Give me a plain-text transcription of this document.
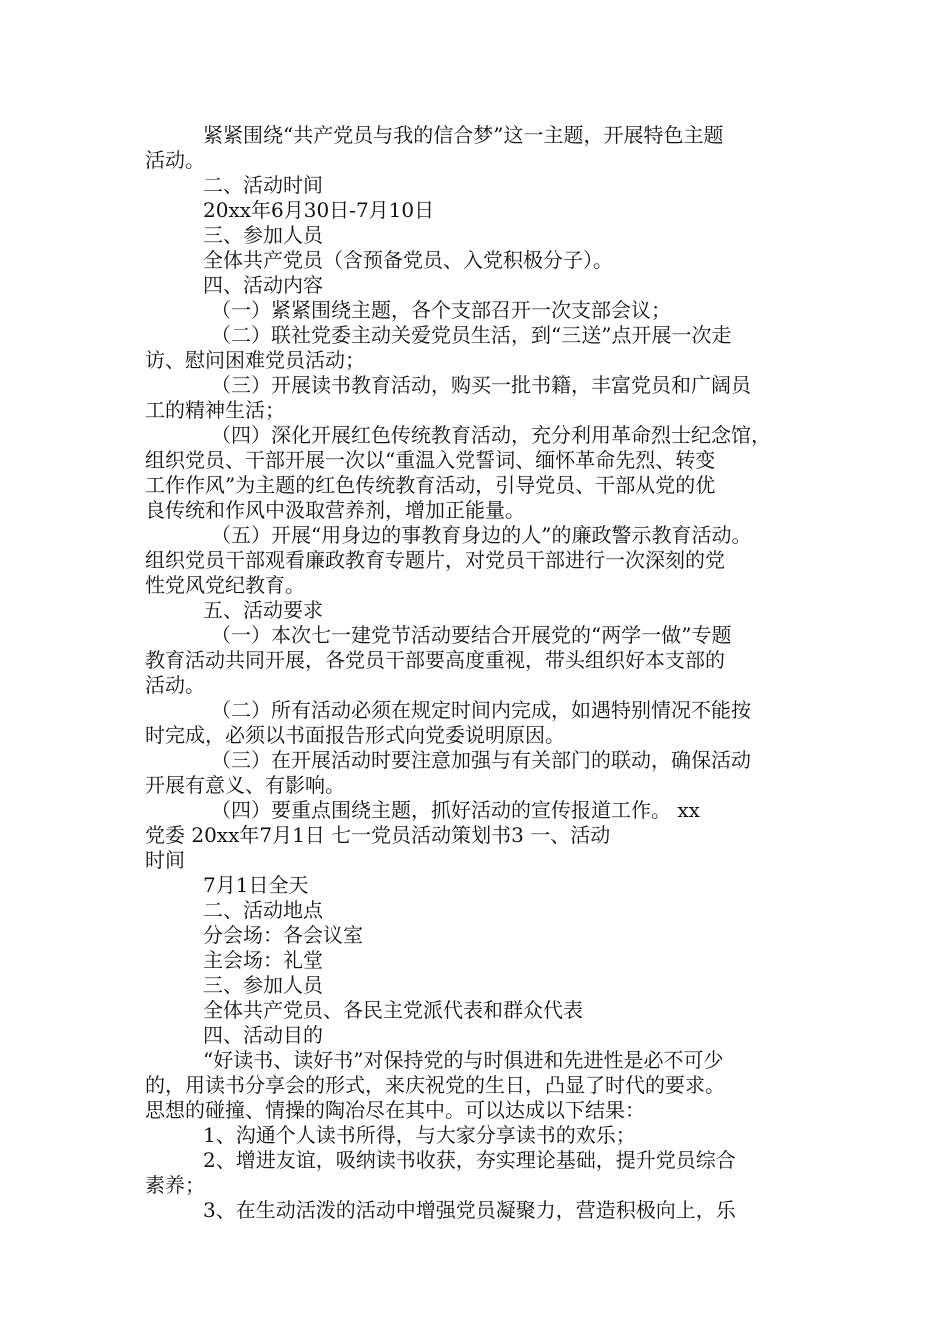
紧紧围绕“共产党员与我的信合梦”这一主题，开展特色主题

活动。

二、活动时间

20xx年6月30日-7月10日

三、参加人员

全体共产党员（含预备党员、入党积极分子）。

四、活动内容

（一）紧紧围绕主题，各个支部召开一次支部会议；

（二）联社党委主动关爱党员生活，到“三送”点开展一次走

访、慰问困难党员活动；

（三）开展读书教育活动，购买一批书籍，丰富党员和广阔员

工的精神生活；

（四）深化开展红色传统教育活动，充分利用革命烈士纪念馆，

组织党员、干部开展一次以“重温入党誓词、缅怀革命先烈、转变

工作作风”为主题的红色传统教育活动，引导党员、干部从党的优

良传统和作风中汲取营养剂，增加正能量。

（五）开展“用身边的事教育身边的人”的廉政警示教育活动。

组织党员干部观看廉政教育专题片，对党员干部进行一次深刻的党

性党风党纪教育。

五、活动要求

（一）本次七一建党节活动要结合开展党的“两学一做”专题

教育活动共同开展，各党员干部要高度重视，带头组织好本支部的

活动。

（二）所有活动必须在规定时间内完成，如遇特别情况不能按

时完成，必须以书面报告形式向党委说明原因。

（三）在开展活动时要注意加强与有关部门的联动，确保活动

开展有意义、有影响。

（四）要重点围绕主题，抓好活动的宣传报道工作。 xx

党委 20xx年7月1日 七一党员活动策划书3 一、活动

时间

7月1日全天

二、活动地点

分会场：各会议室

主会场：礼堂

三、参加人员

全体共产党员、各民主党派代表和群众代表

四、活动目的

“好读书、读好书”对保持党的与时俱进和先进性是必不可少

的，用读书分享会的形式，来庆祝党的生日，凸显了时代的要求。

思想的碰撞、情操的陶冶尽在其中。可以达成以下结果：

1、沟通个人读书所得，与大家分享读书的欢乐；

2、增进友谊，吸纳读书收获，夯实理论基础，提升党员综合

素养；

3、在生动活泼的活动中增强党员凝聚力，营造积极向上，乐
